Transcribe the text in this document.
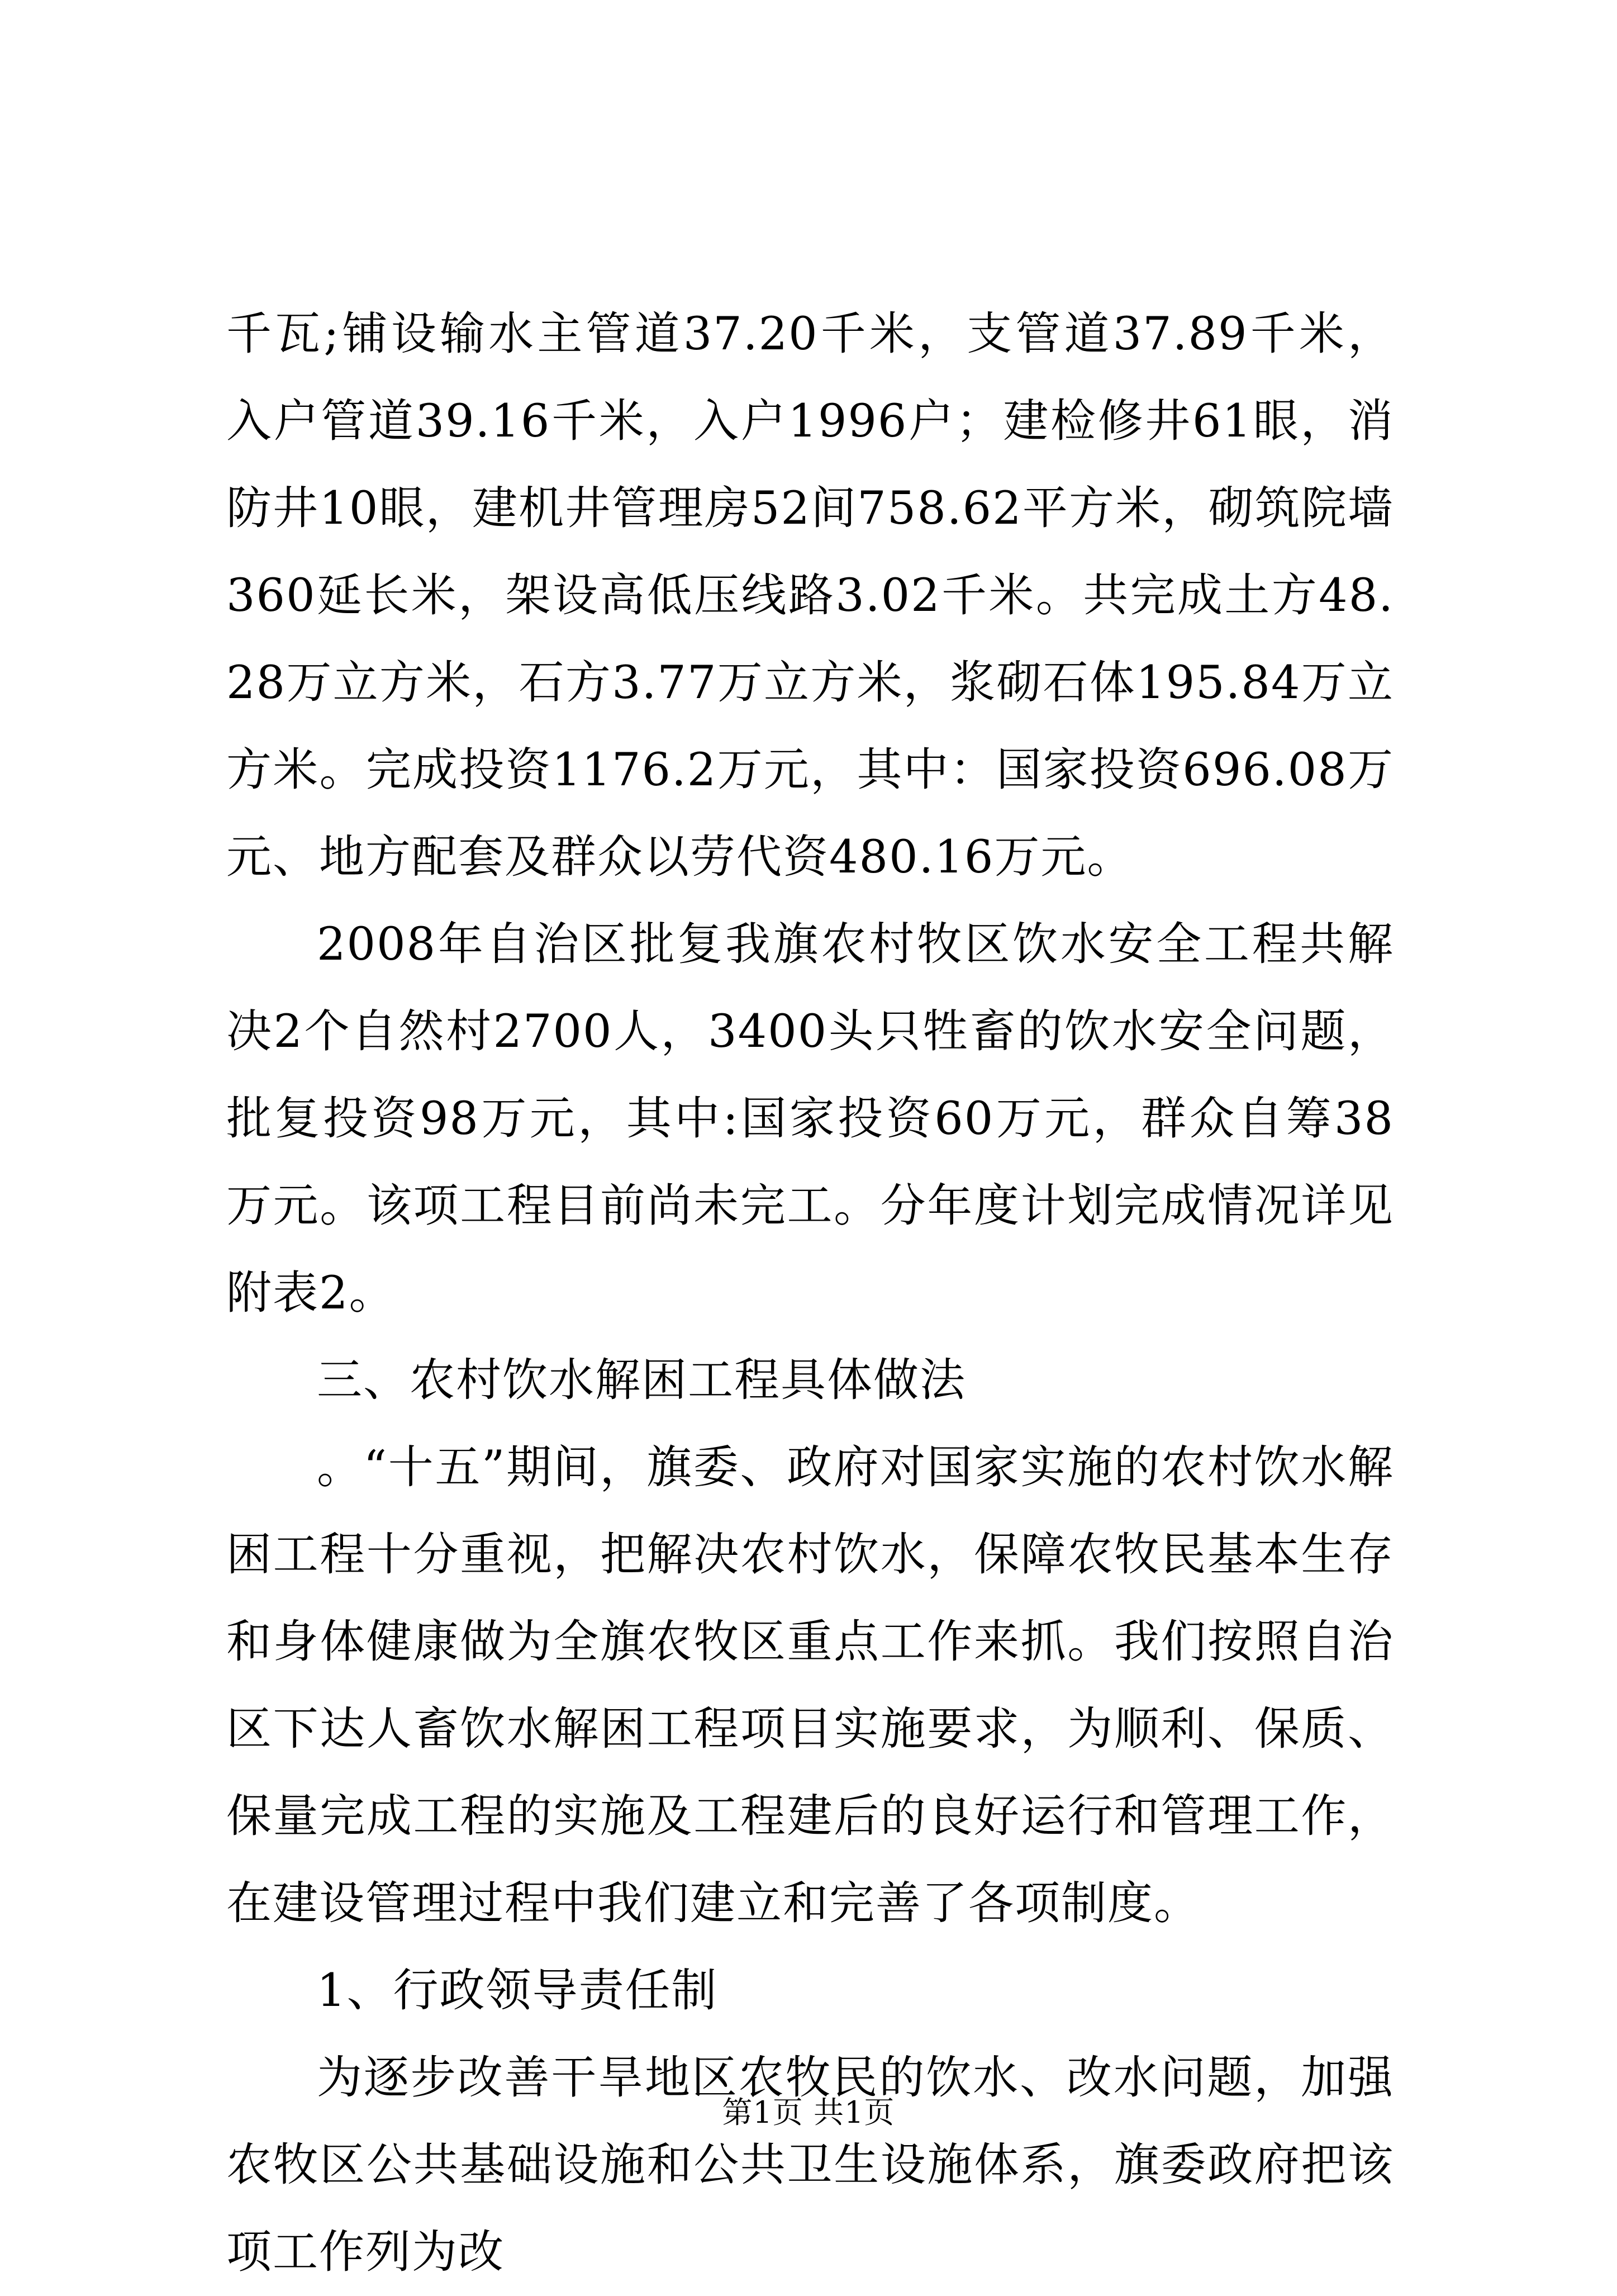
千瓦;铺设输水主管道37.20千米，支管道37.89千米，入户管道39.16千米，入户1996户；建检修井61眼，消防井10眼，建机井管理房52间758.62平方米，砌筑院墙360延长米，架设高低压线路3.02千米。共完成土方48.28万立方米，石方3.77万立方米，浆砌石体195.84万立方米。完成投资1176.2万元，其中：国家投资696.08万元、地方配套及群众以劳代资480.16万元。

2008年自治区批复我旗农村牧区饮水安全工程共解决2个自然村2700人，3400头只牲畜的饮水安全问题，批复投资98万元，其中:国家投资60万元，群众自筹38万元。该项工程目前尚未完工。分年度计划完成情况详见附表2。

三、农村饮水解困工程具体做法

。“十五”期间，旗委、政府对国家实施的农村饮水解困工程十分重视，把解决农村饮水，保障农牧民基本生存和身体健康做为全旗农牧区重点工作来抓。我们按照自治区下达人畜饮水解困工程项目实施要求，为顺利、保质、保量完成工程的实施及工程建后的良好运行和管理工作，在建设管理过程中我们建立和完善了各项制度。

1、行政领导责任制

为逐步改善干旱地区农牧民的饮水、改水问题，加强农牧区公共基础设施和公共卫生设施体系，旗委政府把该项工作列为改

第1页 共1页
